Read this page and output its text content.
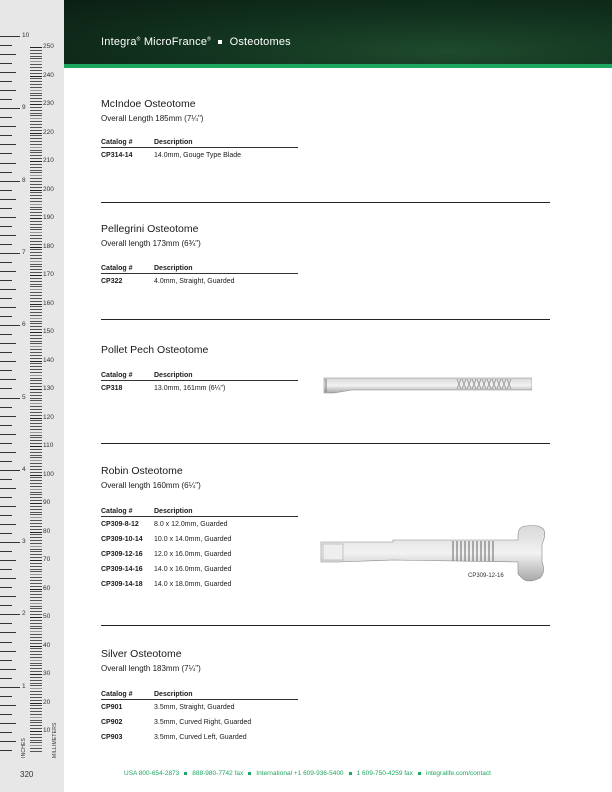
10
9
8
7
6
5
4
3
2
1
250
240
230
220
210
200
190
180
170
160
150
140
130
120
110
100
90
80
70
60
50
40
30
20
10
INCHES	MILLIMETERS
320
Integra® MicroFrance® Osteotomes
McIndoe Osteotome
Overall Length 185mm (7¼")
Catalog #	Description
CP314-14	14.0mm, Gouge Type Blade
Pellegrini Osteotome
Overall length 173mm (6¾")
Catalog #	Description
CP322	4.0mm, Straight, Guarded
Pollet Pech Osteotome
Catalog #	Description
CP318	13.0mm, 161mm (6¼")
Robin Osteotome
Overall length 160mm (6¼")
Catalog #	Description
CP309-8-12	8.0 x 12.0mm, Guarded
CP309-10-14	10.0 x 14.0mm, Guarded
CP309-12-16	12.0 x 16.0mm, Guarded
CP309-14-16	14.0 x 16.0mm, Guarded
CP309-14-18	14.0 x 18.0mm, Guarded
CP309-12-16
Silver Osteotome
Overall length 183mm (7¼")
Catalog #	Description
CP901	3.5mm, Straight, Guarded
CP902	3.5mm, Curved Right, Guarded
CP903	3.5mm, Curved Left, Guarded
USA 800-654-2873 888-980-7742 fax International +1 609-936-5400 1 609-750-4259 fax integralife.com/contact
